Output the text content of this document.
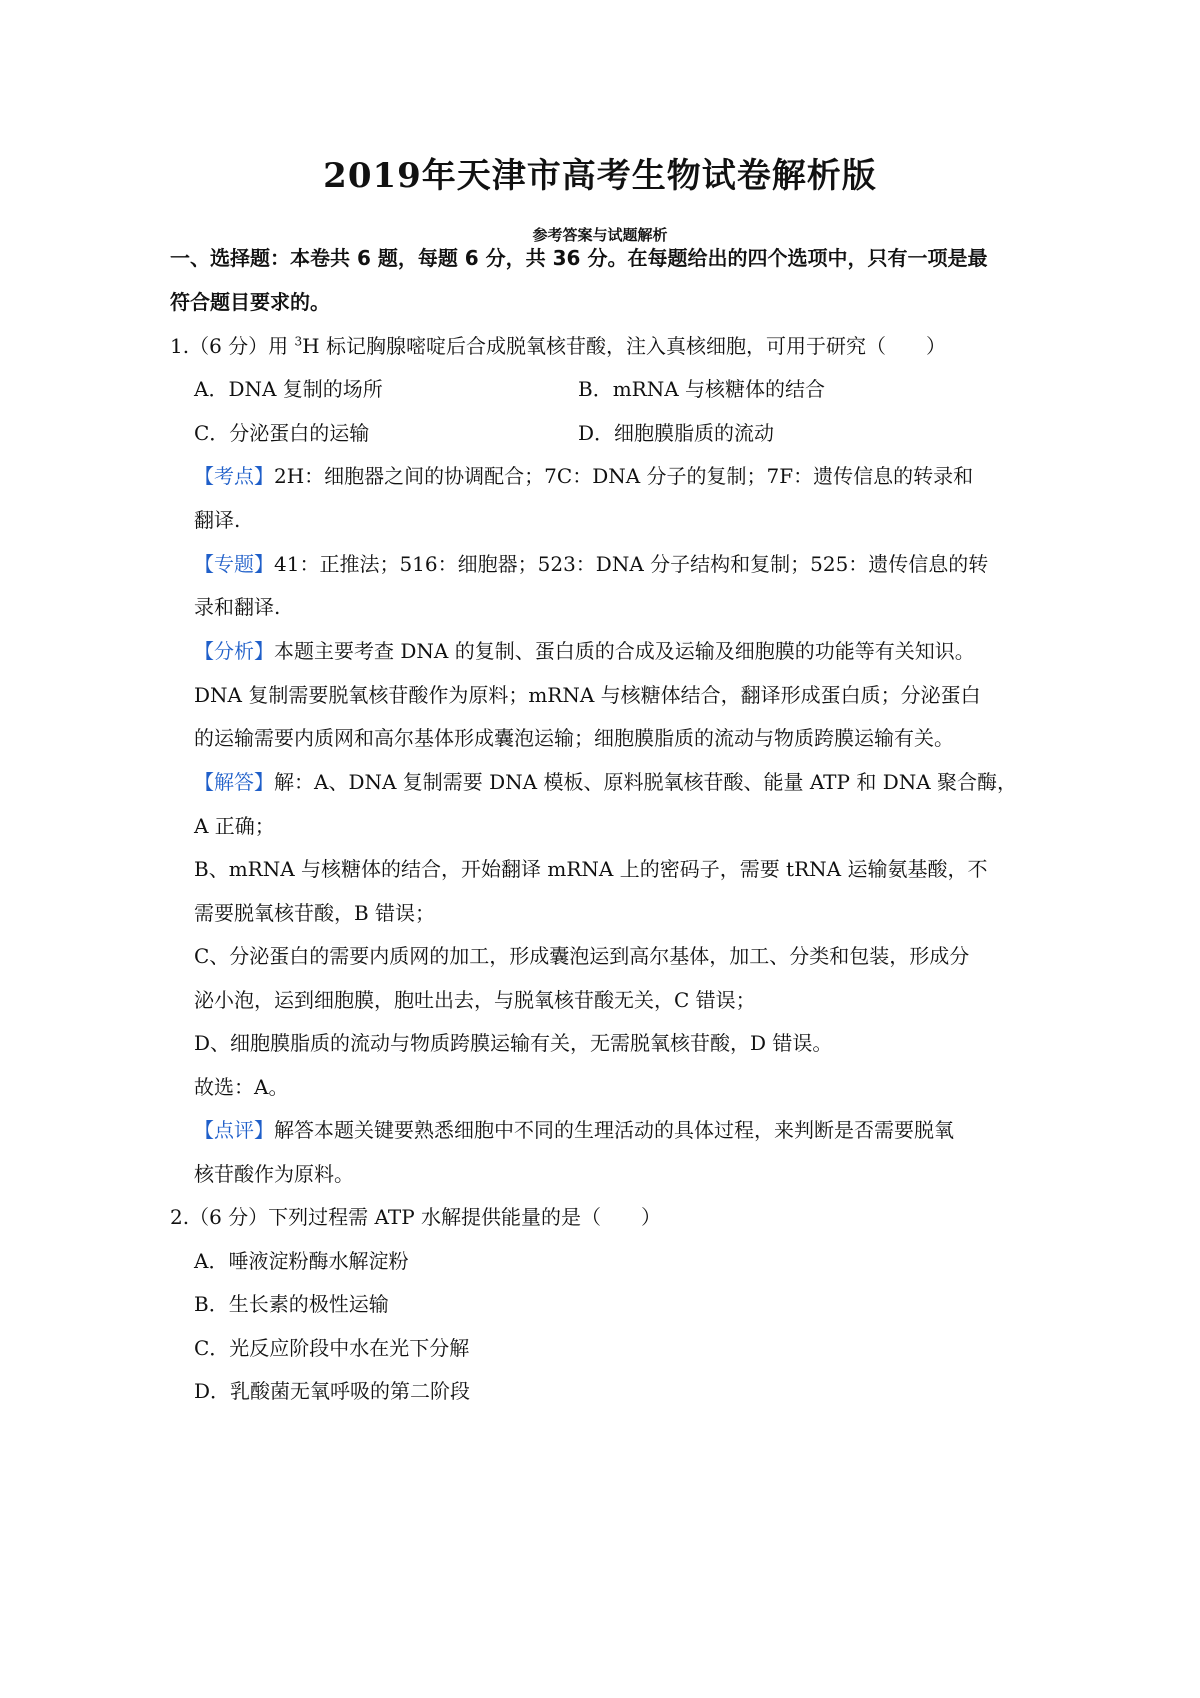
2019年天津市高考生物试卷解析版
参考答案与试题解析
一、选择题：本卷共 6 题，每题 6 分，共 36 分。在每题给出的四个选项中，只有一项是最
符合题目要求的。
1.（6 分）用 $^3$H 标记胸腺嘧啶后合成脱氧核苷酸，注入真核细胞，可用于研究（　　）
A．DNA 复制的场所	B．mRNA 与核糖体的结合
C．分泌蛋白的运输	D．细胞膜脂质的流动
【考点】2H：细胞器之间的协调配合；7C：DNA 分子的复制；7F：遗传信息的转录和
翻译.
【专题】41：正推法；516：细胞器；523：DNA 分子结构和复制；525：遗传信息的转
录和翻译.
【分析】本题主要考查 DNA 的复制、蛋白质的合成及运输及细胞膜的功能等有关知识。
DNA 复制需要脱氧核苷酸作为原料；mRNA 与核糖体结合，翻译形成蛋白质；分泌蛋白
的运输需要内质网和高尔基体形成囊泡运输；细胞膜脂质的流动与物质跨膜运输有关。
【解答】解：A、DNA 复制需要 DNA 模板、原料脱氧核苷酸、能量 ATP 和 DNA 聚合酶，
A 正确；
B、mRNA 与核糖体的结合，开始翻译 mRNA 上的密码子，需要 tRNA 运输氨基酸，不
需要脱氧核苷酸，B 错误；
C、分泌蛋白的需要内质网的加工，形成囊泡运到高尔基体，加工、分类和包装，形成分
泌小泡，运到细胞膜，胞吐出去，与脱氧核苷酸无关，C 错误；
D、细胞膜脂质的流动与物质跨膜运输有关，无需脱氧核苷酸，D 错误。
故选：A。
【点评】解答本题关键要熟悉细胞中不同的生理活动的具体过程，来判断是否需要脱氧
核苷酸作为原料。
2.（6 分）下列过程需 ATP 水解提供能量的是（　　）
A．唾液淀粉酶水解淀粉
B．生长素的极性运输
C．光反应阶段中水在光下分解
D．乳酸菌无氧呼吸的第二阶段
